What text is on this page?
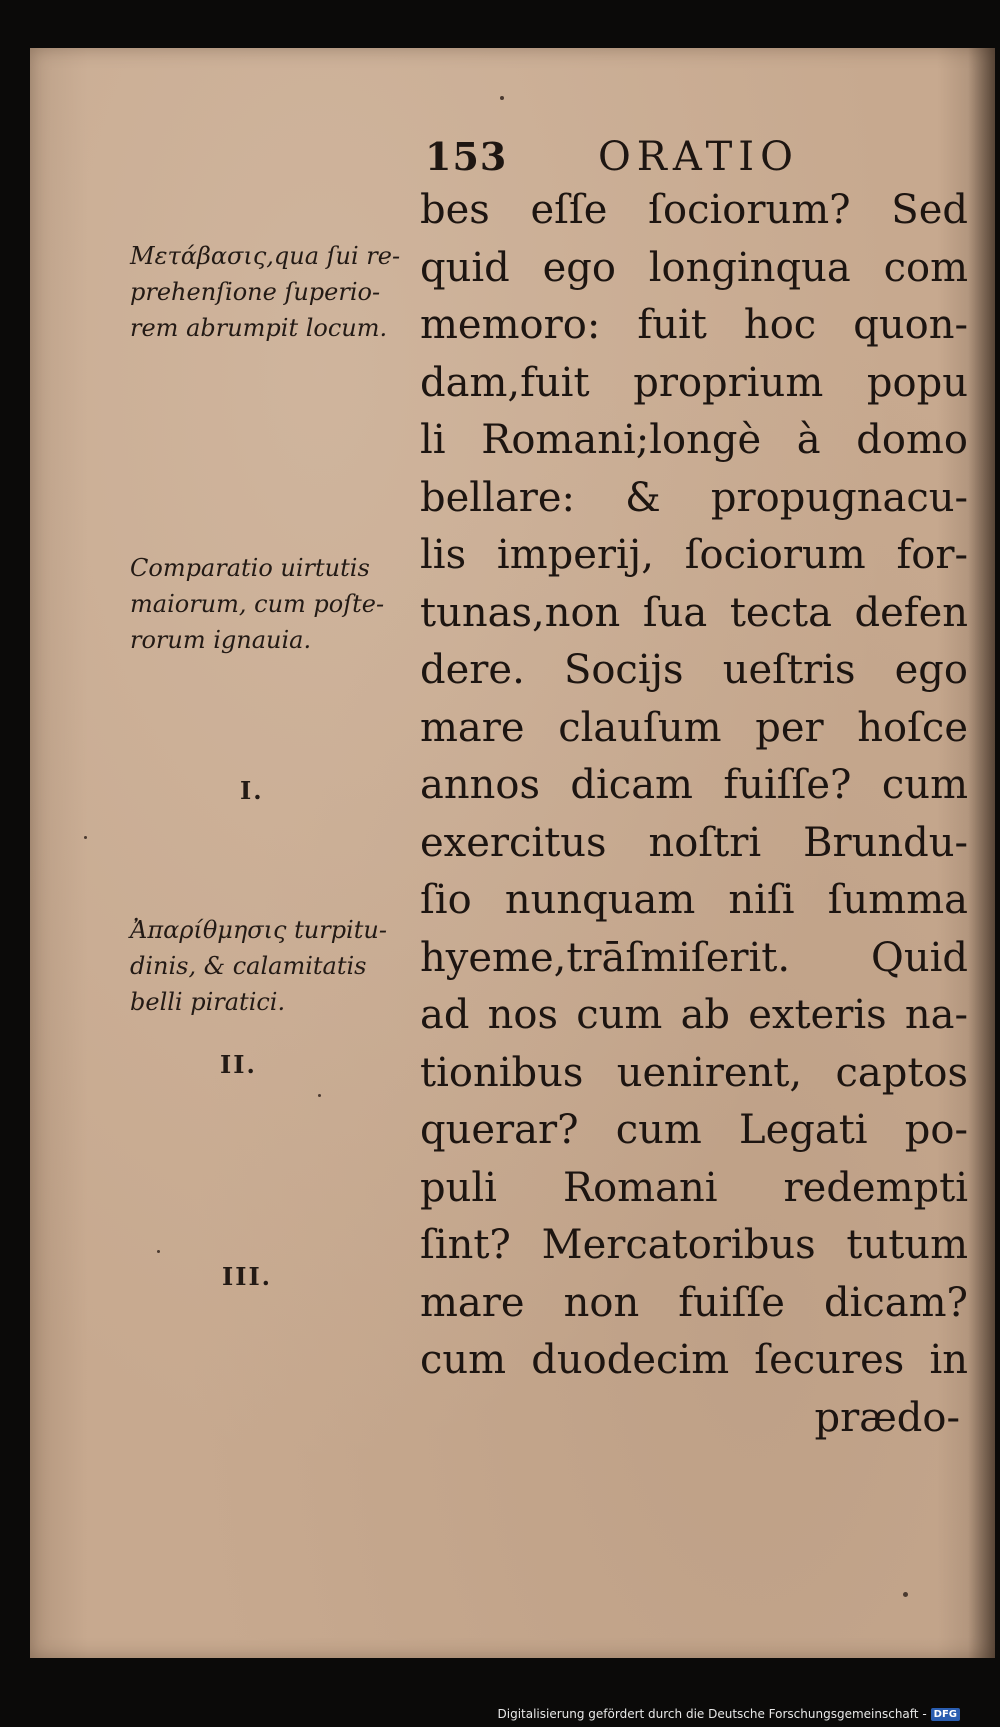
153 ORATIO
Μετάβασις,qua ſui re-
prehenſione ſuperio-
rem abrumpit locum.
Comparatio uirtutis
maiorum, cum poſte-
rorum ignauia.
Ἀπαρίθμησις turpitu-
dinis, & calamitatis
belli piratici.
I.
II.
III.
bes eſſe ſociorum? Sed
quid ego longinqua com
memoro: fuit hoc quon-
dam,fuit proprium popu
li Romani;longè à domo
bellare: & propugnacu-
lis imperij, ſociorum for-
tunas,non ſua tecta defen
dere. Socijs ueſtris ego
mare clauſum per hoſce
annos dicam fuiſſe? cum
exercitus noſtri Brundu-
ſio nunquam niſi ſumma
hyeme,trāſmiſerit. Quid
ad nos cum ab exteris na-
tionibus uenirent, captos
querar? cum Legati po-
puli Romani redempti
ſint? Mercatoribus tutum
mare non fuiſſe dicam?
cum duodecim ſecures in
prædo-
Digitalisierung gefördert durch die Deutsche Forschungsgemeinschaft - DFG
